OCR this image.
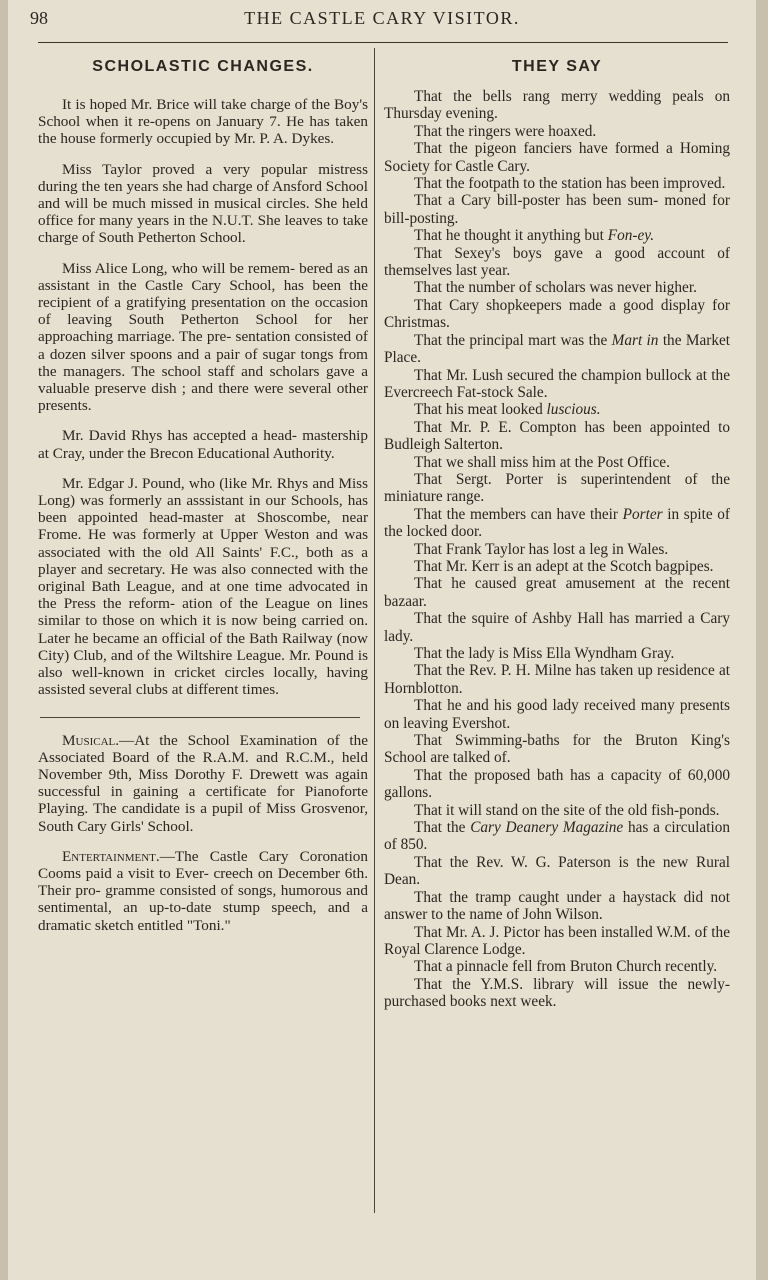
98	THE CASTLE CARY VISITOR.
SCHOLASTIC CHANGES.

It is hoped Mr. Brice will take charge of the Boy's School when it re-opens on January 7. He has taken the house formerly occupied by Mr. P. A. Dykes.

Miss Taylor proved a very popular mistress during the ten years she had charge of Ansford School and will be much missed in musical circles. She held office for many years in the N.U.T. She leaves to take charge of South Petherton School.

Miss Alice Long, who will be remem- bered as an assistant in the Castle Cary School, has been the recipient of a gratifying presentation on the occasion of leaving South Petherton School for her approaching marriage. The pre- sentation consisted of a dozen silver spoons and a pair of sugar tongs from the managers. The school staff and scholars gave a valuable preserve dish ; and there were several other presents.

Mr. David Rhys has accepted a head- mastership at Cray, under the Brecon Educational Authority.

Mr. Edgar J. Pound, who (like Mr. Rhys and Miss Long) was formerly an asssistant in our Schools, has been appointed head-master at Shoscombe, near Frome. He was formerly at Upper Weston and was associated with the old All Saints' F.C., both as a player and secretary. He was also connected with the original Bath League, and at one time advocated in the Press the reform- ation of the League on lines similar to those on which it is now being carried on. Later he became an official of the Bath Railway (now City) Club, and of the Wiltshire League. Mr. Pound is also well-known in cricket circles locally, having assisted several clubs at different times.

Musical.—At the School Examination of the Associated Board of the R.A.M. and R.C.M., held November 9th, Miss Dorothy F. Drewett was again successful in gaining a certificate for Pianoforte Playing. The candidate is a pupil of Miss Grosvenor, South Cary Girls' School.

Entertainment.—The Castle Cary Coronation Cooms paid a visit to Ever- creech on December 6th. Their pro- gramme consisted of songs, humorous and sentimental, an up-to-date stump speech, and a dramatic sketch entitled "Toni."

THEY SAY

That the bells rang merry wedding peals on Thursday evening.

That the ringers were hoaxed.

That the pigeon fanciers have formed a Homing Society for Castle Cary.

That the footpath to the station has been improved.

That a Cary bill-poster has been sum- moned for bill-posting.

That he thought it anything but Fon-ey.

That Sexey's boys gave a good account of themselves last year.

That the number of scholars was never higher.

That Cary shopkeepers made a good display for Christmas.

That the principal mart was the Mart in the Market Place.

That Mr. Lush secured the champion bullock at the Evercreech Fat-stock Sale.

That his meat looked luscious.

That Mr. P. E. Compton has been appointed to Budleigh Salterton.

That we shall miss him at the Post Office.

That Sergt. Porter is superintendent of the miniature range.

That the members can have their Porter in spite of the locked door.

That Frank Taylor has lost a leg in Wales.

That Mr. Kerr is an adept at the Scotch bagpipes.

That he caused great amusement at the recent bazaar.

That the squire of Ashby Hall has married a Cary lady.

That the lady is Miss Ella Wyndham Gray.

That the Rev. P. H. Milne has taken up residence at Hornblotton.

That he and his good lady received many presents on leaving Evershot.

That Swimming-baths for the Bruton King's School are talked of.

That the proposed bath has a capacity of 60,000 gallons.

That it will stand on the site of the old fish-ponds.

That the Cary Deanery Magazine has a circulation of 850.

That the Rev. W. G. Paterson is the new Rural Dean.

That the tramp caught under a haystack did not answer to the name of John Wilson.

That Mr. A. J. Pictor has been installed W.M. of the Royal Clarence Lodge.

That a pinnacle fell from Bruton Church recently.

That the Y.M.S. library will issue the newly-purchased books next week.
